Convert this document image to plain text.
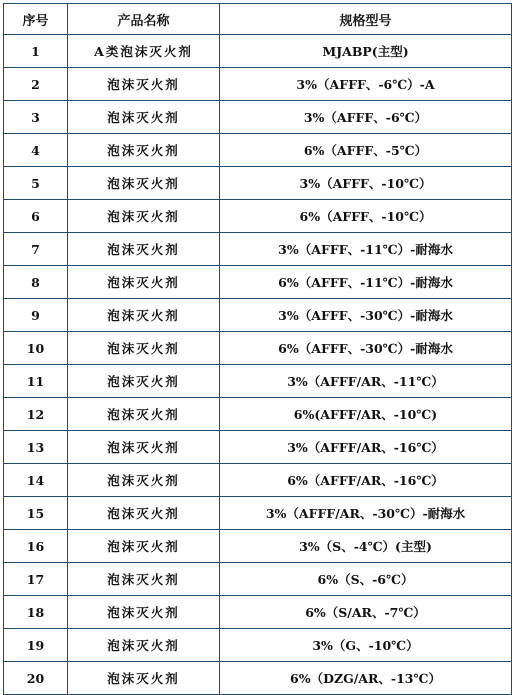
序号	产品名称	规格型号
1	A类泡沫灭火剂	MJABP(主型)
2	泡沫灭火剂	3%（AFFF、-6℃）-A
3	泡沫灭火剂	3%（AFFF、-6℃）
4	泡沫灭火剂	6%（AFFF、-5℃）
5	泡沫灭火剂	3%（AFFF、-10℃）
6	泡沫灭火剂	6%（AFFF、-10℃）
7	泡沫灭火剂	3%（AFFF、-11℃）-耐海水
8	泡沫灭火剂	6%（AFFF、-11℃）-耐海水
9	泡沫灭火剂	3%（AFFF、-30℃）-耐海水
10	泡沫灭火剂	6%（AFFF、-30℃）-耐海水
11	泡沫灭火剂	3%（AFFF/AR、-11℃）
12	泡沫灭火剂	6%(AFFF/AR、-10℃)
13	泡沫灭火剂	3%（AFFF/AR、-16℃）
14	泡沫灭火剂	6%（AFFF/AR、-16℃）
15	泡沫灭火剂	3%（AFFF/AR、-30℃）-耐海水
16	泡沫灭火剂	3%（S、-4℃）(主型)
17	泡沫灭火剂	6%（S、-6℃）
18	泡沫灭火剂	6%（S/AR、-7℃）
19	泡沫灭火剂	3%（G、-10℃）
20	泡沫灭火剂	6%（DZG/AR、-13℃）
